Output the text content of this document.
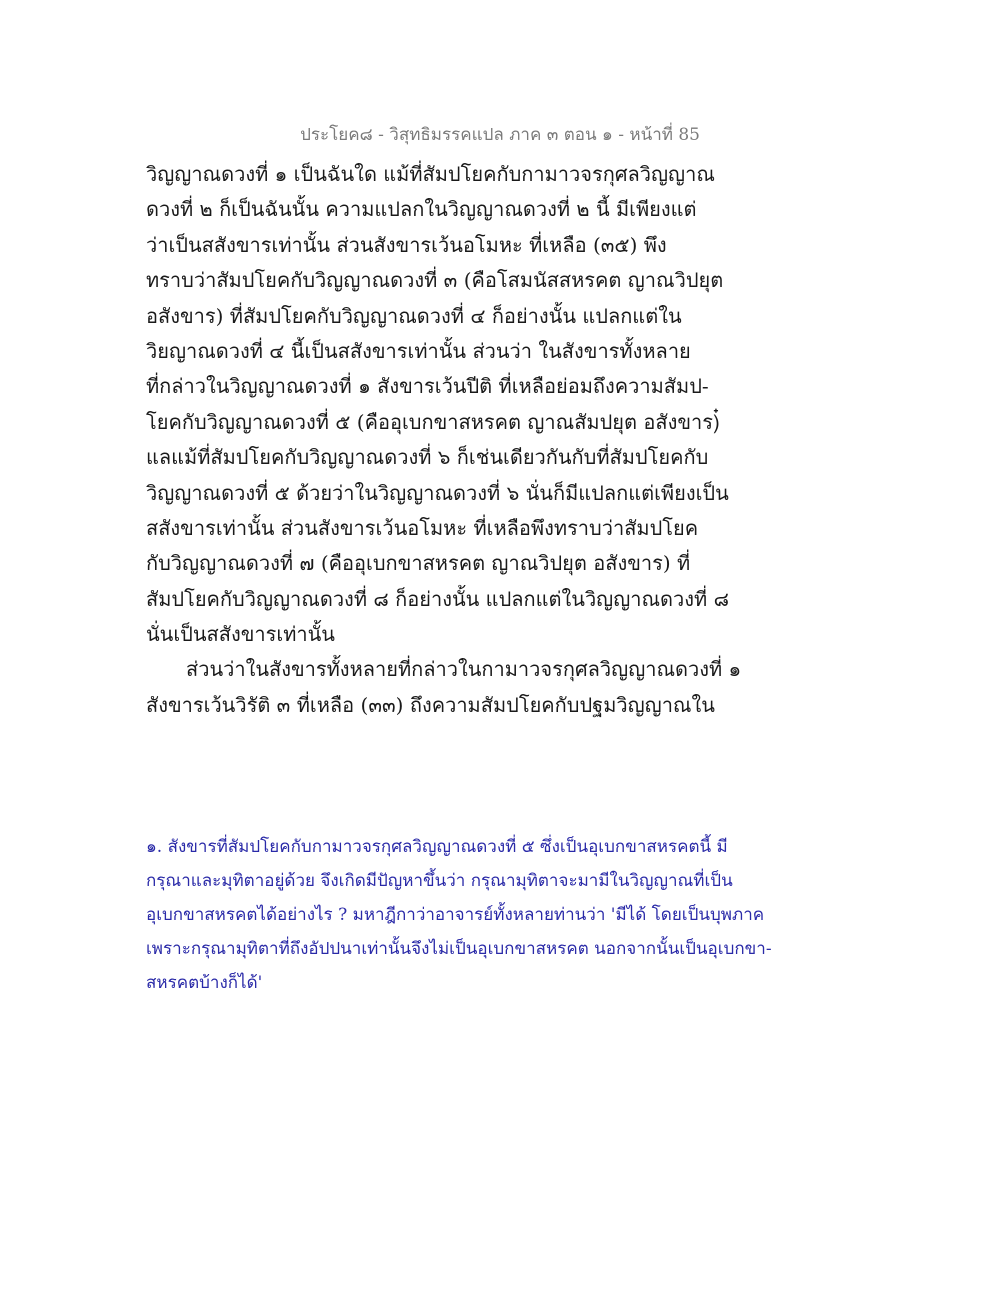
ประโยค๘ - วิสุทธิมรรคแปล ภาค ๓ ตอน ๑ - หน้าที่ 85
วิญญาณดวงที่ ๑ เป็นฉันใด แม้ที่สัมปโยคกับกามาวจรกุศลวิญญาณ
ดวงที่ ๒ ก็เป็นฉันนั้น ความแปลกในวิญญาณดวงที่ ๒ นี้ มีเพียงแต่
ว่าเป็นสสังขารเท่านั้น ส่วนสังขารเว้นอโมหะ ที่เหลือ (๓๕) พึง
ทราบว่าสัมปโยคกับวิญญาณดวงที่ ๓ (คือโสมนัสสหรคต ญาณวิปยุต
อสังขาร) ที่สัมปโยคกับวิญญาณดวงที่ ๔ ก็อย่างนั้น แปลกแต่ใน
วิยญาณดวงที่ ๔ นี้เป็นสสังขารเท่านั้น ส่วนว่า ในสังขารทั้งหลาย
ที่กล่าวในวิญญาณดวงที่ ๑ สังขารเว้นปีติ ที่เหลือย่อมถึงความสัมป-
โยคกับวิญญาณดวงที่ ๕ (คืออุเบกขาสหรคต ญาณสัมปยุต อสังขาร)๋
แลแม้ที่สัมปโยคกับวิญญาณดวงที่ ๖ ก็เช่นเดียวกันกับที่สัมปโยคกับ
วิญญาณดวงที่ ๕ ด้วยว่าในวิญญาณดวงที่ ๖ นั่นก็มีแปลกแต่เพียงเป็น
สสังขารเท่านั้น ส่วนสังขารเว้นอโมหะ ที่เหลือพึงทราบว่าสัมปโยค
กับวิญญาณดวงที่ ๗ (คืออุเบกขาสหรคต ญาณวิปยุต อสังขาร) ที่
สัมปโยคกับวิญญาณดวงที่ ๘ ก็อย่างนั้น แปลกแต่ในวิญญาณดวงที่ ๘
นั่นเป็นสสังขารเท่านั้น
ส่วนว่าในสังขารทั้งหลายที่กล่าวในกามาวจรกุศลวิญญาณดวงที่ ๑
สังขารเว้นวิรัติ ๓ ที่เหลือ (๓๓) ถึงความสัมปโยคกับปฐมวิญญาณใน
๑. สังขารที่สัมปโยคกับกามาวจรกุศลวิญญาณดวงที่ ๕ ซึ่งเป็นอุเบกขาสหรคตนี้ มี
กรุณาและมุทิตาอยู่ด้วย จึงเกิดมีปัญหาขึ้นว่า กรุณามุทิตาจะมามีในวิญญาณที่เป็น
อุเบกขาสหรคตได้อย่างไร ? มหาฎีกาว่าอาจารย์ทั้งหลายท่านว่า 'มีได้ โดยเป็นบุพภาค
เพราะกรุณามุทิตาที่ถึงอัปปนาเท่านั้นจึงไม่เป็นอุเบกขาสหรคต นอกจากนั้นเป็นอุเบกขา-
สหรคตบ้างก็ได้'
